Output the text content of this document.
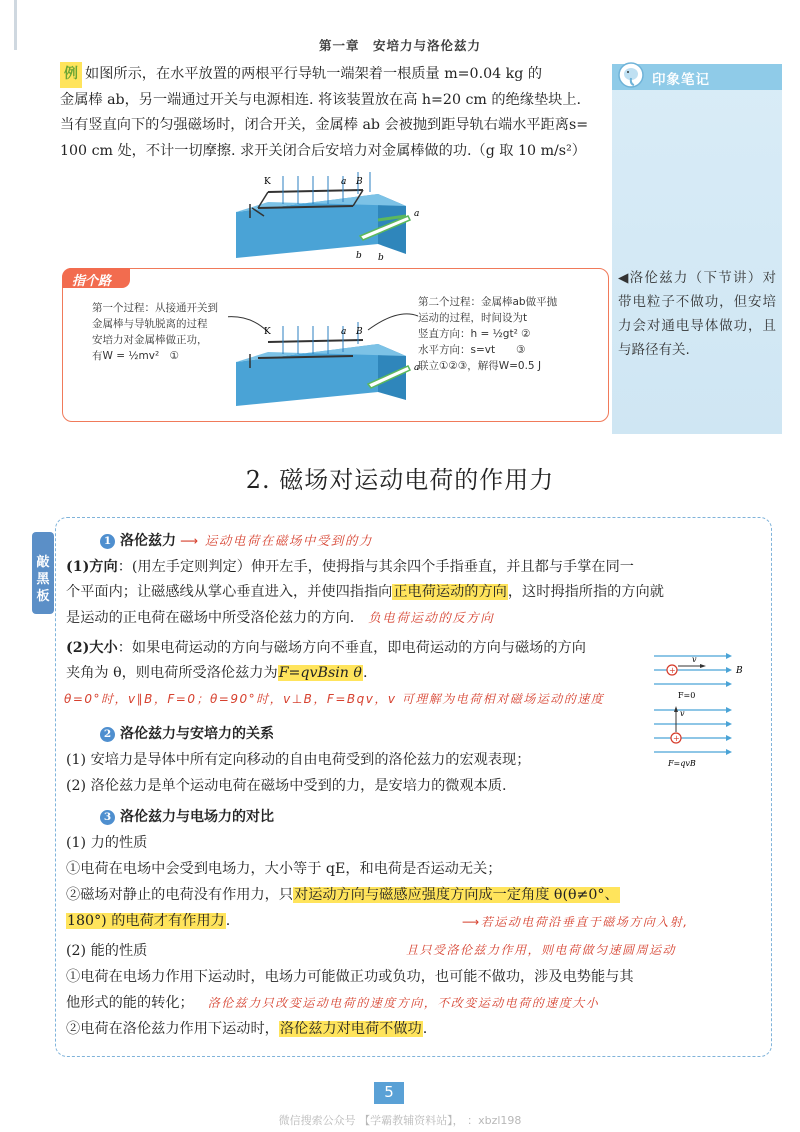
第一章　安培力与洛伦兹力
例 如图所示，在水平放置的两根平行导轨一端架着一根质量 m=0.04 kg 的
金属棒 ab，另一端通过开关与电源相连. 将该装置放在高 h=20 cm 的绝缘垫块上.
当有竖直向下的匀强磁场时，闭合开关，金属棒 ab 会被抛到距导轨右端水平距离s=
100 cm 处，不计一切摩擦. 求开关闭合后安培力对金属棒做的功.（g 取 10 m/s²）
K	a B
a
b b
印象笔记
◀洛伦兹力（下节讲）对带电粒子不做功，但安培力会对通电导体做功，且与路径有关.
指个路
第一个过程：从接通开关到
金属棒与导轨脱离的过程
安培力对金属棒做正功，
有W = ½mv²　①
第二个过程：金属棒ab做平抛
运动的过程，时间设为t
竖直方向：h = ½gt² ②
水平方向：s=vt　　③
联立①②③，解得W=0.5 J
K	a B
a
2. 磁场对运动电荷的作用力
敲黑板
1 洛伦兹力 ⟶ 运动电荷在磁场中受到的力
(1)方向：(用左手定则判定）伸开左手，使拇指与其余四个手指垂直，并且都与手掌在同一
个平面内；让磁感线从掌心垂直进入，并使四指指向正电荷运动的方向，这时拇指所指的方向就
是运动的正电荷在磁场中所受洛伦兹力的方向. 负电荷运动的反方向
(2)大小：如果电荷运动的方向与磁场方向不垂直，即电荷运动的方向与磁场的方向
夹角为 θ，则电荷所受洛伦兹力为F=qvBsin θ.
θ=0°时，v∥B，F=0；θ=90°时，v⊥B，F=Bqv，v 可理解为电荷相对磁场运动的速度
+
v
B
F=0
+
v
F=qvB
2 洛伦兹力与安培力的关系
(1) 安培力是导体中所有定向移动的自由电荷受到的洛伦兹力的宏观表现；
(2) 洛伦兹力是单个运动电荷在磁场中受到的力，是安培力的微观本质.
3 洛伦兹力与电场力的对比
(1) 力的性质
①电荷在电场中会受到电场力，大小等于 qE，和电荷是否运动无关；
②磁场对静止的电荷没有作用力，只对运动方向与磁感应强度方向成一定角度 θ(θ≠0°、
180°) 的电荷才有作用力.	⟶若运动电荷沿垂直于磁场方向入射,
(2) 能的性质	且只受洛伦兹力作用，则电荷做匀速圆周运动
①电荷在电场力作用下运动时，电场力可能做正功或负功，也可能不做功，涉及电势能与其
他形式的能的转化； 洛伦兹力只改变运动电荷的速度方向，不改变运动电荷的速度大小
②电荷在洛伦兹力作用下运动时，洛伦兹力对电荷不做功.
5
微信搜索公众号 【学霸教辅资料站】， ：xbzl198
